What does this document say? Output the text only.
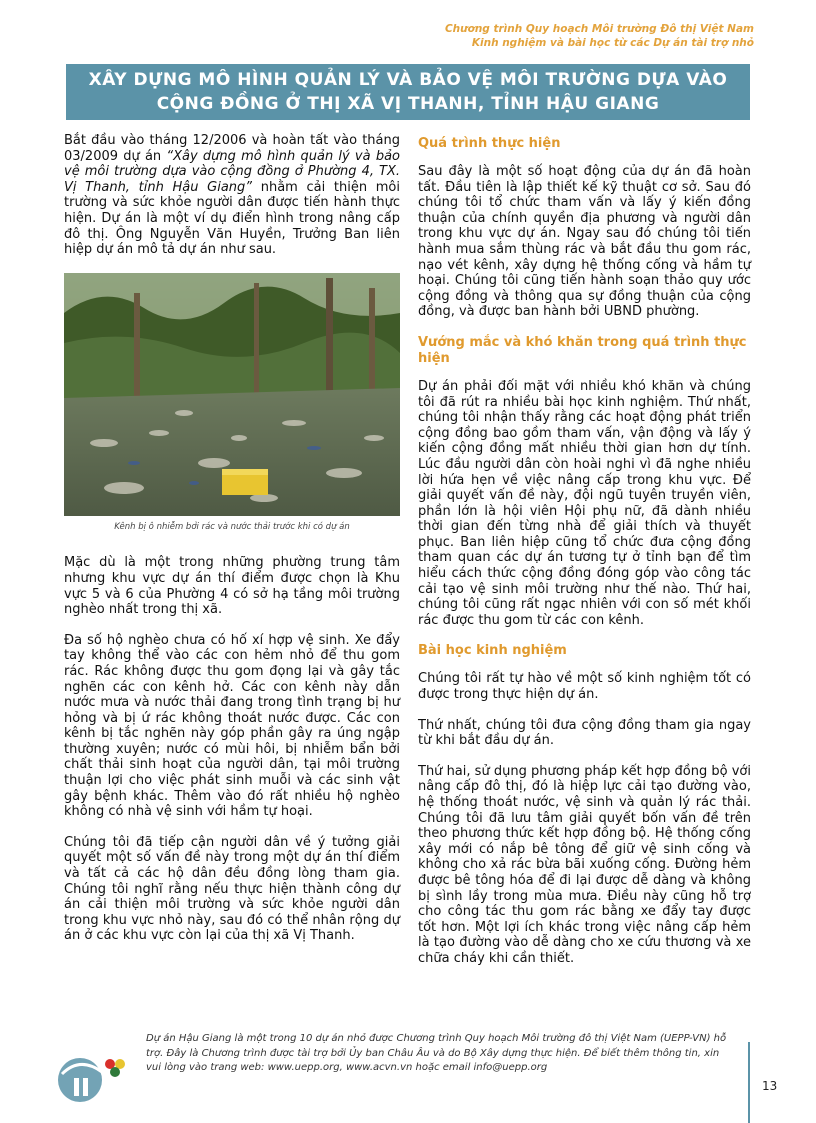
Chương trình Quy hoạch Môi trường Đô thị Việt Nam
Kinh nghiệm và bài học từ các Dự án tài trợ nhỏ
XÂY DỰNG MÔ HÌNH QUẢN LÝ VÀ BẢO VỆ MÔI TRƯỜNG DỰA VÀO
CỘNG ĐỒNG Ở THỊ XÃ VỊ THANH, TỈNH HẬU GIANG

Bắt đầu vào tháng 12/2006 và hoàn tất vào tháng 03/2009 dự án “Xây dựng mô hình quản lý và bảo vệ môi trường dựa vào cộng đồng ở Phường 4, TX. Vị Thanh, tỉnh Hậu Giang” nhằm cải thiện môi trường và sức khỏe người dân được tiến hành thực hiện. Dự án là một ví dụ điển hình trong nâng cấp đô thị. Ông Nguyễn Văn Huyền, Trưởng Ban liên hiệp dự án mô tả dự án như sau.

Kênh bị ô nhiễm bởi rác và nước thải trước khi có dự án

Mặc dù là một trong những phường trung tâm nhưng khu vực dự án thí điểm được chọn là Khu vực 5 và 6 của Phường 4 có sở hạ tầng môi trường nghèo nhất trong thị xã.

Đa số hộ nghèo chưa có hố xí hợp vệ sinh. Xe đẩy tay không thể vào các con hẻm nhỏ để thu gom rác. Rác không được thu gom đọng lại và gây tắc nghẽn các con kênh hở. Các con kênh này dẫn nước mưa và nước thải đang trong tình trạng bị hư hỏng và bị ứ rác không thoát nước được. Các con kênh bị tắc nghẽn này góp phần gây ra úng ngập thường xuyên; nước có mùi hôi, bị nhiễm bẩn bởi chất thải sinh hoạt của người dân, tại môi trường thuận lợi cho việc phát sinh muỗi và các sinh vật gây bệnh khác. Thêm vào đó rất nhiều hộ nghèo không có nhà vệ sinh với hầm tự hoại.

Chúng tôi đã tiếp cận người dân về ý tưởng giải quyết một số vấn đề này trong một dự án thí điểm và tất cả các hộ dân đều đồng lòng tham gia. Chúng tôi nghĩ rằng nếu thực hiện thành công dự án cải thiện môi trường và sức khỏe người dân trong khu vực nhỏ này, sau đó có thể nhân rộng dự án ở các khu vực còn lại của thị xã Vị Thanh.

Quá trình thực hiện

Sau đây là một số hoạt động của dự án đã hoàn tất. Đầu tiên là lập thiết kế kỹ thuật cơ sở. Sau đó chúng tôi tổ chức tham vấn và lấy ý kiến đồng thuận của chính quyền địa phương và người dân trong khu vực dự án. Ngay sau đó chúng tôi tiến hành mua sắm thùng rác và bắt đầu thu gom rác, nạo vét kênh, xây dựng hệ thống cống và hầm tự hoại. Chúng tôi cũng tiến hành soạn thảo quy ước cộng đồng và thông qua sự đồng thuận của cộng đồng, và được ban hành bởi UBND phường.

Vướng mắc và khó khăn trong quá trình thực hiện

Dự án phải đối mặt với nhiều khó khăn và chúng tôi đã rút ra nhiều bài học kinh nghiệm. Thứ nhất, chúng tôi nhận thấy rằng các hoạt động phát triển cộng đồng bao gồm tham vấn, vận động và lấy ý kiến cộng đồng mất nhiều thời gian hơn dự tính. Lúc đầu người dân còn hoài nghi vì đã nghe nhiều lời hứa hẹn về việc nâng cấp trong khu vực. Để giải quyết vấn đề này, đội ngũ tuyên truyền viên, phần lớn là hội viên Hội phụ nữ, đã dành nhiều thời gian đến từng nhà để giải thích và thuyết phục. Ban liên hiệp cũng tổ chức đưa cộng đồng tham quan các dự án tương tự ở tỉnh bạn để tìm hiểu cách thức cộng đồng đóng góp vào công tác cải tạo vệ sinh môi trường như thế nào. Thứ hai, chúng tôi cũng rất ngạc nhiên với con số mét khối rác được thu gom từ các con kênh.

Bài học kinh nghiệm

Chúng tôi rất tự hào về một số kinh nghiệm tốt có được trong thực hiện dự án.

Thứ nhất, chúng tôi đưa cộng đồng tham gia ngay từ khi bắt đầu dự án.

Thứ hai, sử dụng phương pháp kết hợp đồng bộ với nâng cấp đô thị, đó là hiệp lực cải tạo đường vào, hệ thống thoát nước, vệ sinh và quản lý rác thải. Chúng tôi đã lưu tâm giải quyết bốn vấn đề trên theo phương thức kết hợp đồng bộ. Hệ thống cống xây mới có nắp bê tông để giữ vệ sinh cống và không cho xả rác bừa bãi xuống cống. Đường hẻm được bê tông hóa để đi lại được dễ dàng và không bị sình lầy trong mùa mưa. Điều này cũng hỗ trợ cho công tác thu gom rác bằng xe đẩy tay được tốt hơn. Một lợi ích khác trong việc nâng cấp hẻm là tạo đường vào dễ dàng cho xe cứu thương và xe chữa cháy khi cần thiết.

Dự án Hậu Giang là một trong 10 dự án nhỏ được Chương trình Quy hoạch Môi trường đô thị Việt Nam (UEPP-VN) hỗ trợ. Đây là Chương trình được tài trợ bởi Ủy ban Châu Âu và do Bộ Xây dựng thực hiện. Để biết thêm thông tin, xin vui lòng vào trang web: www.uepp.org, www.acvn.vn hoặc email info@uepp.org
13
